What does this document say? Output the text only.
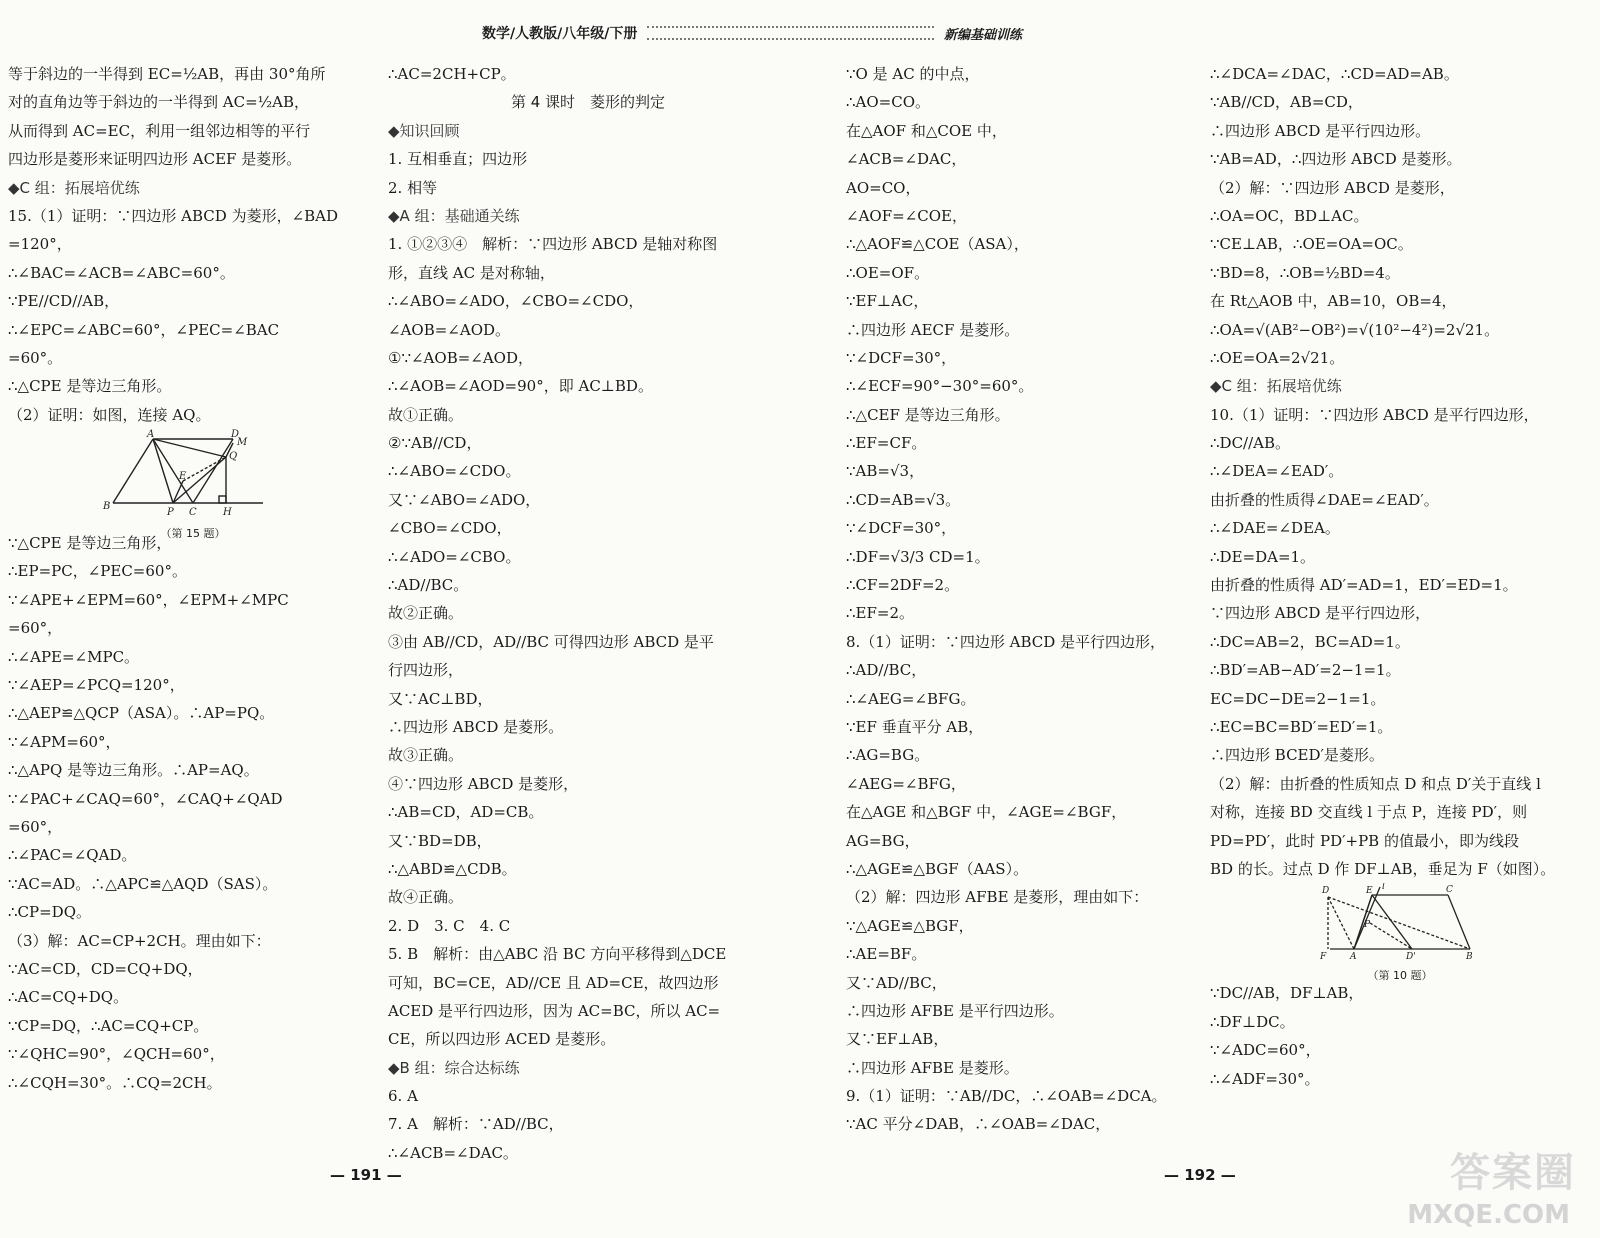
数学/人教版/八年级/下册	新编基础训练
等于斜边的一半得到 EC=½AB，再由 30°角所
对的直角边等于斜边的一半得到 AC=½AB，
从而得到 AC=EC，利用一组邻边相等的平行
四边形是菱形来证明四边形 ACEF 是菱形。
◆C 组：拓展培优练
15.（1）证明：∵四边形 ABCD 为菱形，∠BAD
=120°，
∴∠BAC=∠ACB=∠ABC=60°。
∵PE//CD//AB，
∴∠EPC=∠ABC=60°，∠PEC=∠BAC
=60°。
∴△CPE 是等边三角形。
（2）证明：如图，连接 AQ。
B
A	D
M
Q
E
P C	H
（第 15 题）
∵△CPE 是等边三角形，
∴EP=PC，∠PEC=60°。
∵∠APE+∠EPM=60°，∠EPM+∠MPC
=60°，
∴∠APE=∠MPC。
∵∠AEP=∠PCQ=120°，
∴△AEP≌△QCP（ASA）。∴AP=PQ。
∵∠APM=60°，
∴△APQ 是等边三角形。∴AP=AQ。
∵∠PAC+∠CAQ=60°，∠CAQ+∠QAD
=60°，
∴∠PAC=∠QAD。
∵AC=AD。∴△APC≌△AQD（SAS）。
∴CP=DQ。
（3）解：AC=CP+2CH。理由如下：
∵AC=CD，CD=CQ+DQ，
∴AC=CQ+DQ。
∵CP=DQ，∴AC=CQ+CP。
∵∠QHC=90°，∠QCH=60°，
∴∠CQH=30°。∴CQ=2CH。
∴AC=2CH+CP。
第 4 课时　菱形的判定
◆知识回顾
1. 互相垂直；四边形
2. 相等
◆A 组：基础通关练
1. ①②③④　解析：∵四边形 ABCD 是轴对称图
形，直线 AC 是对称轴，
∴∠ABO=∠ADO，∠CBO=∠CDO，
∠AOB=∠AOD。
①∵∠AOB=∠AOD，
∴∠AOB=∠AOD=90°，即 AC⊥BD。
故①正确。
②∵AB//CD，
∴∠ABO=∠CDO。
又∵∠ABO=∠ADO，
∠CBO=∠CDO，
∴∠ADO=∠CBO。
∴AD//BC。
故②正确。
③由 AB//CD，AD//BC 可得四边形 ABCD 是平
行四边形，
又∵AC⊥BD，
∴四边形 ABCD 是菱形。
故③正确。
④∵四边形 ABCD 是菱形，
∴AB=CD，AD=CB。
又∵BD=DB，
∴△ABD≌△CDB。
故④正确。
2. D　3. C　4. C
5. B　解析：由△ABC 沿 BC 方向平移得到△DCE
可知，BC=CE，AD//CE 且 AD=CE，故四边形
ACED 是平行四边形，因为 AC=BC，所以 AC=
CE，所以四边形 ACED 是菱形。
◆B 组：综合达标练
6. A
7. A　解析：∵AD//BC，
∴∠ACB=∠DAC。
∵O 是 AC 的中点，
∴AO=CO。
在△AOF 和△COE 中，
∠ACB=∠DAC，
AO=CO，
∠AOF=∠COE，
∴△AOF≌△COE（ASA），
∴OE=OF。
∵EF⊥AC，
∴四边形 AECF 是菱形。
∵∠DCF=30°，
∴∠ECF=90°−30°=60°。
∴△CEF 是等边三角形。
∴EF=CF。
∵AB=√3，
∴CD=AB=√3。
∵∠DCF=30°，
∴DF=√3/3 CD=1。
∴CF=2DF=2。
∴EF=2。
8.（1）证明：∵四边形 ABCD 是平行四边形，
∴AD//BC，
∴∠AEG=∠BFG。
∵EF 垂直平分 AB，
∴AG=BG。
∠AEG=∠BFG，
在△AGE 和△BGF 中，∠AGE=∠BGF，
AG=BG，
∴△AGE≌△BGF（AAS）。
（2）解：四边形 AFBE 是菱形，理由如下：
∵△AGE≌△BGF，
∴AE=BF。
又∵AD//BC，
∴四边形 AFBE 是平行四边形。
又∵EF⊥AB，
∴四边形 AFBE 是菱形。
9.（1）证明：∵AB//DC，∴∠OAB=∠DCA。
∵AC 平分∠DAB，∴∠OAB=∠DAC，
∴∠DCA=∠DAC，∴CD=AD=AB。
∵AB//CD，AB=CD，
∴四边形 ABCD 是平行四边形。
∵AB=AD，∴四边形 ABCD 是菱形。
（2）解：∵四边形 ABCD 是菱形，
∴OA=OC，BD⊥AC。
∵CE⊥AB，∴OE=OA=OC。
∵BD=8，∴OB=½BD=4。
在 Rt△AOB 中，AB=10，OB=4，
∴OA=√(AB²−OB²)=√(10²−4²)=2√21。
∴OE=OA=2√21。
◆C 组：拓展培优练
10.（1）证明：∵四边形 ABCD 是平行四边形，
∴DC//AB。
∴∠DEA=∠EAD′。
由折叠的性质得∠DAE=∠EAD′。
∴∠DAE=∠DEA。
∴DE=DA=1。
由折叠的性质得 AD′=AD=1，ED′=ED=1。
∵四边形 ABCD 是平行四边形，
∴DC=AB=2，BC=AD=1。
∴BD′=AB−AD′=2−1=1。
EC=DC−DE=2−1=1。
∴EC=BC=BD′=ED′=1。
∴四边形 BCED′是菱形。
（2）解：由折叠的性质知点 D 和点 D′关于直线 l
对称，连接 BD 交直线 l 于点 P，连接 PD′，则
PD=PD′，此时 PD′+PB 的值最小，即为线段
BD 的长。过点 D 作 DF⊥AB，垂足为 F（如图）。
D	E l	C
F	A	D'	B
P
（第 10 题）
∵DC//AB，DF⊥AB，
∴DF⊥DC。
∵∠ADC=60°，
∴∠ADF=30°。
— 191 —	— 192 —	答案圈
MXQE.COM
